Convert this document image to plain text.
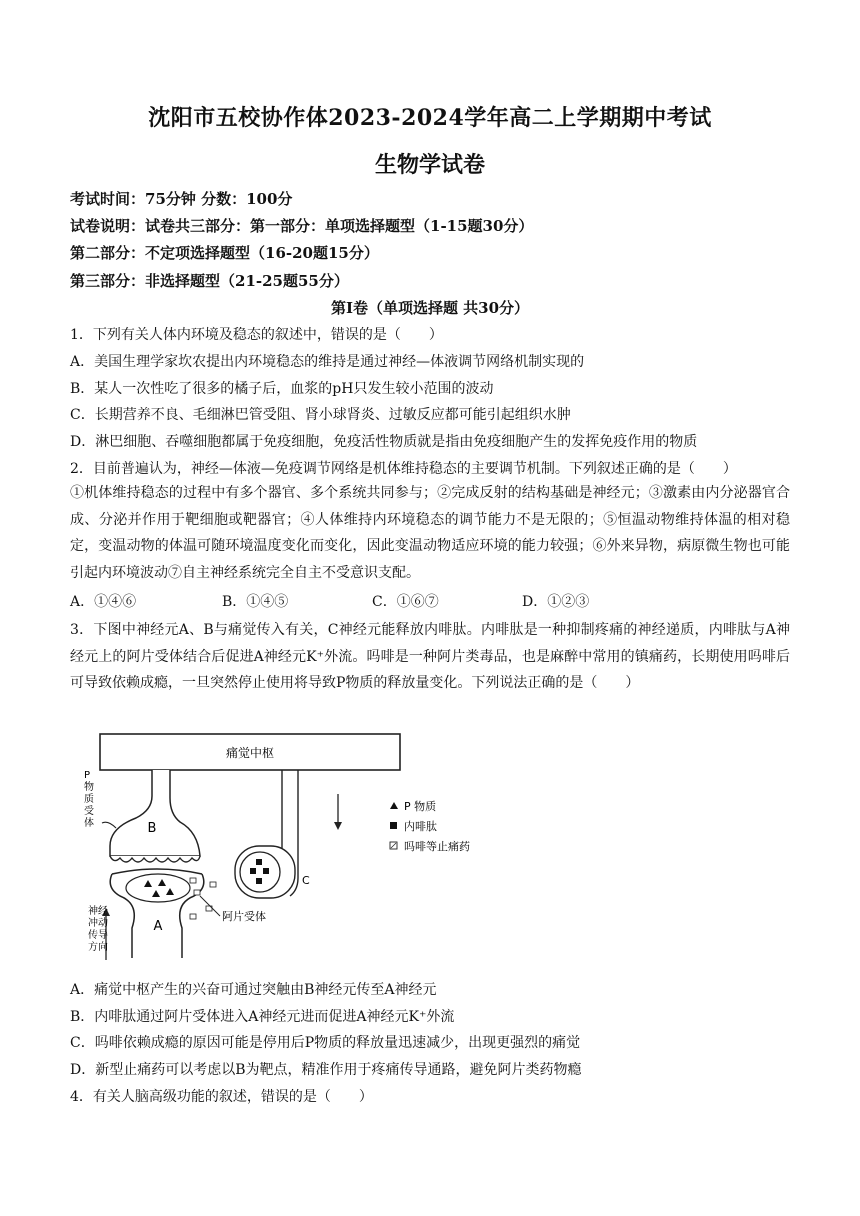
沈阳市五校协作体2023-2024学年高二上学期期中考试
生物学试卷
考试时间：75分钟 分数：100分
试卷说明：试卷共三部分：第一部分：单项选择题型（1-15题30分）
第二部分：不定项选择题型（16-20题15分）
第三部分：非选择题型（21-25题55分）
第Ⅰ卷（单项选择题 共30分）
1．下列有关人体内环境及稳态的叙述中，错误的是（　　）
A．美国生理学家坎农提出内环境稳态的维持是通过神经—体液调节网络机制实现的
B．某人一次性吃了很多的橘子后，血浆的pH只发生较小范围的波动
C．长期营养不良、毛细淋巴管受阻、肾小球肾炎、过敏反应都可能引起组织水肿
D．淋巴细胞、吞噬细胞都属于免疫细胞，免疫活性物质就是指由免疫细胞产生的发挥免疫作用的物质
2．目前普遍认为，神经—体液—免疫调节网络是机体维持稳态的主要调节机制。下列叙述正确的是（　　）
①机体维持稳态的过程中有多个器官、多个系统共同参与；②完成反射的结构基础是神经元；③激素由内分泌器官合成、分泌并作用于靶细胞或靶器官；④人体维持内环境稳态的调节能力不是无限的；⑤恒温动物维持体温的相对稳定，变温动物的体温可随环境温度变化而变化，因此变温动物适应环境的能力较强；⑥外来异物，病原微生物也可能引起内环境波动⑦自主神经系统完全自主不受意识支配。
A．①④⑥	B．①④⑤	C．①⑥⑦	D．①②③
3．下图中神经元A、B与痛觉传入有关，C神经元能释放内啡肽。内啡肽是一种抑制疼痛的神经递质，内啡肽与A神经元上的阿片受体结合后促进A神经元K⁺外流。吗啡是一种阿片类毒品，也是麻醉中常用的镇痛药，长期使用吗啡后可导致依赖成瘾，一旦突然停止使用将导致P物质的释放量变化。下列说法正确的是（　　）
痛觉中枢
B
P 物质受体
C
A
阿片受体
神经冲动传导方向
P 物质
内啡肽
吗啡等止痛药
A．痛觉中枢产生的兴奋可通过突触由B神经元传至A神经元
B．内啡肽通过阿片受体进入A神经元进而促进A神经元K⁺外流
C．吗啡依赖成瘾的原因可能是停用后P物质的释放量迅速减少，出现更强烈的痛觉
D．新型止痛药可以考虑以B为靶点，精准作用于疼痛传导通路，避免阿片类药物瘾
4．有关人脑高级功能的叙述，错误的是（　　）
